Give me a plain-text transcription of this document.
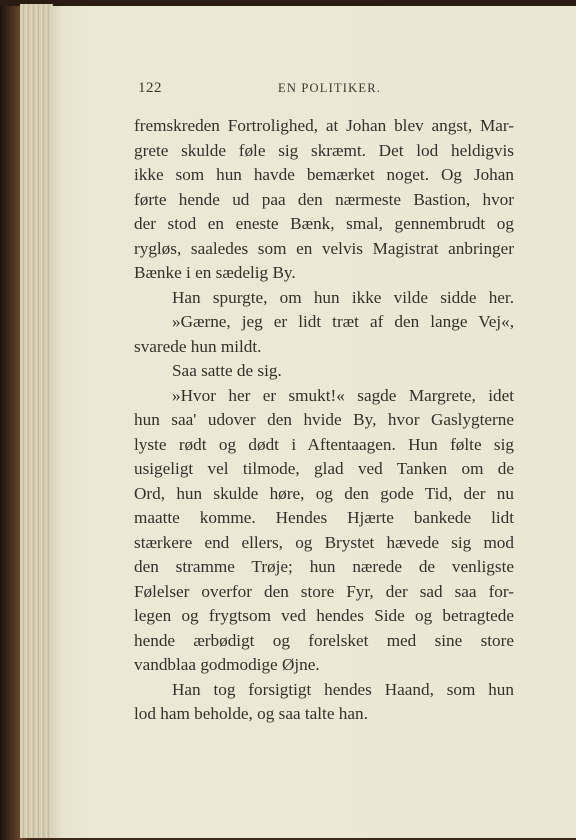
122	EN POLITIKER.
fremskreden Fortrolighed, at Johan blev angst, Mar-
grete skulde føle sig skræmt. Det lod heldigvis
ikke som hun havde bemærket noget. Og Johan
førte hende ud paa den nærmeste Bastion, hvor
der stod en eneste Bænk, smal, gennembrudt og
rygløs, saaledes som en velvis Magistrat anbringer
Bænke i en sædelig By.
Han spurgte, om hun ikke vilde sidde her.
»Gærne, jeg er lidt træt af den lange Vej«,
svarede hun mildt.
Saa satte de sig.
»Hvor her er smukt!« sagde Margrete, idet
hun saa' udover den hvide By, hvor Gaslygterne
lyste rødt og dødt i Aftentaagen. Hun følte sig
usigeligt vel tilmode, glad ved Tanken om de
Ord, hun skulde høre, og den gode Tid, der nu
maatte komme. Hendes Hjærte bankede lidt
stærkere end ellers, og Brystet hævede sig mod
den stramme Trøje; hun nærede de venligste
Følelser overfor den store Fyr, der sad saa for-
legen og frygtsom ved hendes Side og betragtede
hende ærbødigt og forelsket med sine store
vandblaa godmodige Øjne.
Han tog forsigtigt hendes Haand, som hun
lod ham beholde, og saa talte han.
